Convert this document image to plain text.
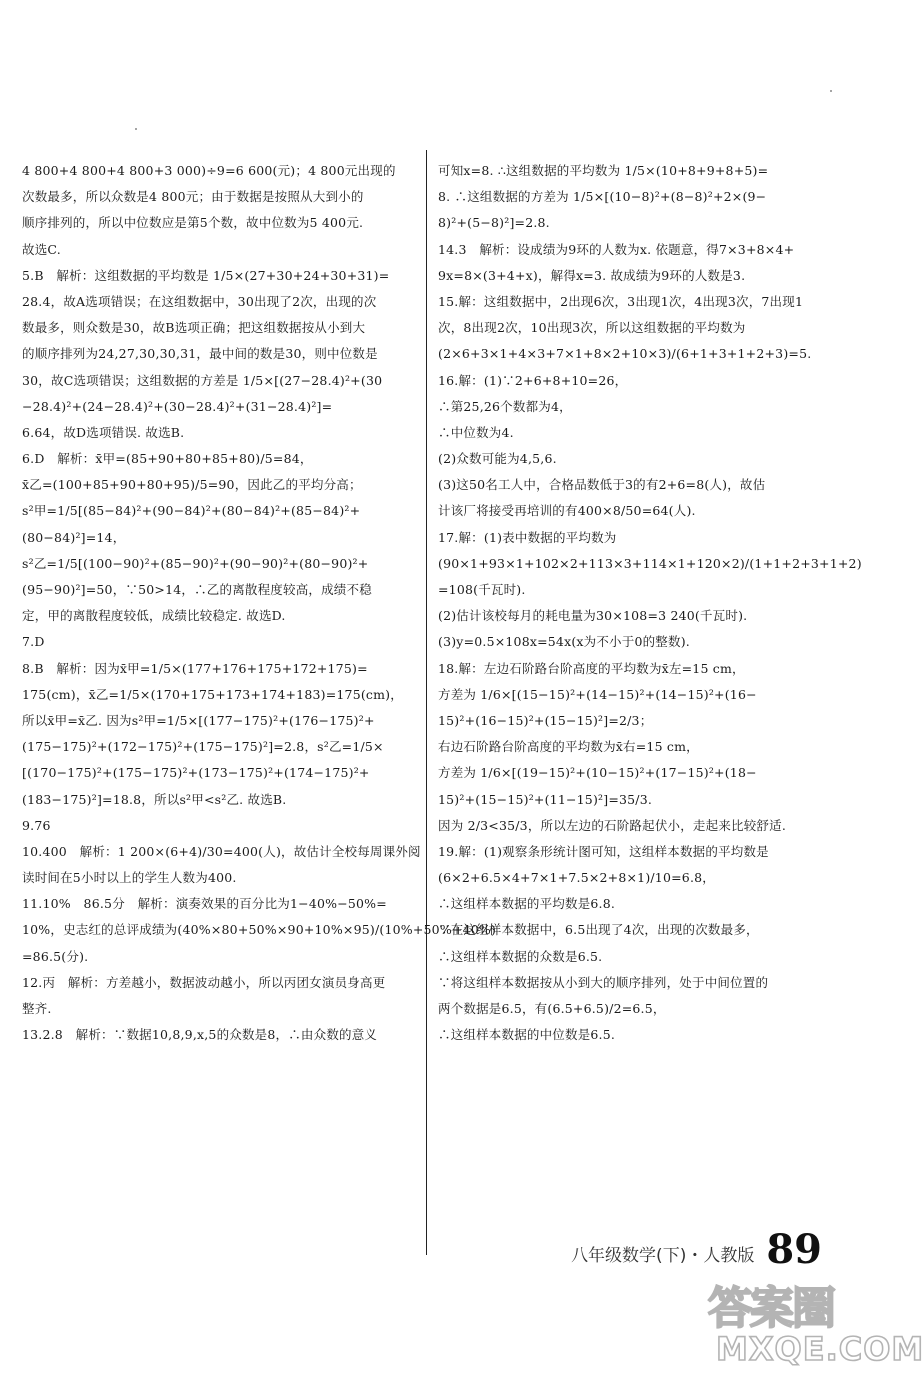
4 800+4 800+4 800+3 000)÷9=6 600(元)；4 800元出现的
次数最多，所以众数是4 800元；由于数据是按照从大到小的
顺序排列的，所以中位数应是第5个数，故中位数为5 400元.
故选C.
5.B　解析：这组数据的平均数是 1/5×(27+30+24+30+31)=
28.4，故A选项错误；在这组数据中，30出现了2次，出现的次
数最多，则众数是30，故B选项正确；把这组数据按从小到大
的顺序排列为24,27,30,30,31，最中间的数是30，则中位数是
30，故C选项错误；这组数据的方差是 1/5×[(27−28.4)²+(30
−28.4)²+(24−28.4)²+(30−28.4)²+(31−28.4)²]=
6.64，故D选项错误. 故选B.
6.D　解析：x̄甲=(85+90+80+85+80)/5=84，
x̄乙=(100+85+90+80+95)/5=90，因此乙的平均分高；
s²甲=1/5[(85−84)²+(90−84)²+(80−84)²+(85−84)²+
(80−84)²]=14，
s²乙=1/5[(100−90)²+(85−90)²+(90−90)²+(80−90)²+
(95−90)²]=50，∵50>14，∴乙的离散程度较高，成绩不稳
定，甲的离散程度较低，成绩比较稳定. 故选D.
7.D
8.B　解析：因为x̄甲=1/5×(177+176+175+172+175)=
175(cm)，x̄乙=1/5×(170+175+173+174+183)=175(cm)，
所以x̄甲=x̄乙. 因为s²甲=1/5×[(177−175)²+(176−175)²+
(175−175)²+(172−175)²+(175−175)²]=2.8，s²乙=1/5×
[(170−175)²+(175−175)²+(173−175)²+(174−175)²+
(183−175)²]=18.8，所以s²甲<s²乙. 故选B.
9.76
10.400　解析：1 200×(6+4)/30=400(人)，故估计全校每周课外阅
读时间在5小时以上的学生人数为400.
11.10%　86.5分　解析：演奏效果的百分比为1−40%−50%=
10%，史志红的总评成绩为(40%×80+50%×90+10%×95)/(10%+50%+40%)
=86.5(分).
12.丙　解析：方差越小，数据波动越小，所以丙团女演员身高更
整齐.
13.2.8　解析：∵数据10,8,9,x,5的众数是8，∴由众数的意义
可知x=8. ∴这组数据的平均数为 1/5×(10+8+9+8+5)=
8. ∴这组数据的方差为 1/5×[(10−8)²+(8−8)²+2×(9−
8)²+(5−8)²]=2.8.
14.3　解析：设成绩为9环的人数为x. 依题意，得7×3+8×4+
9x=8×(3+4+x)，解得x=3. 故成绩为9环的人数是3.
15.解：这组数据中，2出现6次，3出现1次，4出现3次，7出现1
次，8出现2次，10出现3次，所以这组数据的平均数为
(2×6+3×1+4×3+7×1+8×2+10×3)/(6+1+3+1+2+3)=5.
16.解：(1)∵2+6+8+10=26，
∴第25,26个数都为4，
∴中位数为4.
(2)众数可能为4,5,6.
(3)这50名工人中，合格品数低于3的有2+6=8(人)，故估
计该厂将接受再培训的有400×8/50=64(人).
17.解：(1)表中数据的平均数为
(90×1+93×1+102×2+113×3+114×1+120×2)/(1+1+2+3+1+2)
=108(千瓦时).
(2)估计该校每月的耗电量为30×108=3 240(千瓦时).
(3)y=0.5×108x=54x(x为不小于0的整数).
18.解：左边石阶路台阶高度的平均数为x̄左=15 cm，
方差为 1/6×[(15−15)²+(14−15)²+(14−15)²+(16−
15)²+(16−15)²+(15−15)²]=2/3；
右边石阶路台阶高度的平均数为x̄右=15 cm，
方差为 1/6×[(19−15)²+(10−15)²+(17−15)²+(18−
15)²+(15−15)²+(11−15)²]=35/3.
因为 2/3<35/3，所以左边的石阶路起伏小，走起来比较舒适.
19.解：(1)观察条形统计图可知，这组样本数据的平均数是
(6×2+6.5×4+7×1+7.5×2+8×1)/10=6.8，
∴这组样本数据的平均数是6.8.
∵在这组样本数据中，6.5出现了4次，出现的次数最多，
∴这组样本数据的众数是6.5.
∵将这组样本数据按从小到大的顺序排列，处于中间位置的
两个数据是6.5，有(6.5+6.5)/2=6.5，
∴这组样本数据的中位数是6.5.
八年级数学(下)・人教版 89
答案圈
MXQE.COM
